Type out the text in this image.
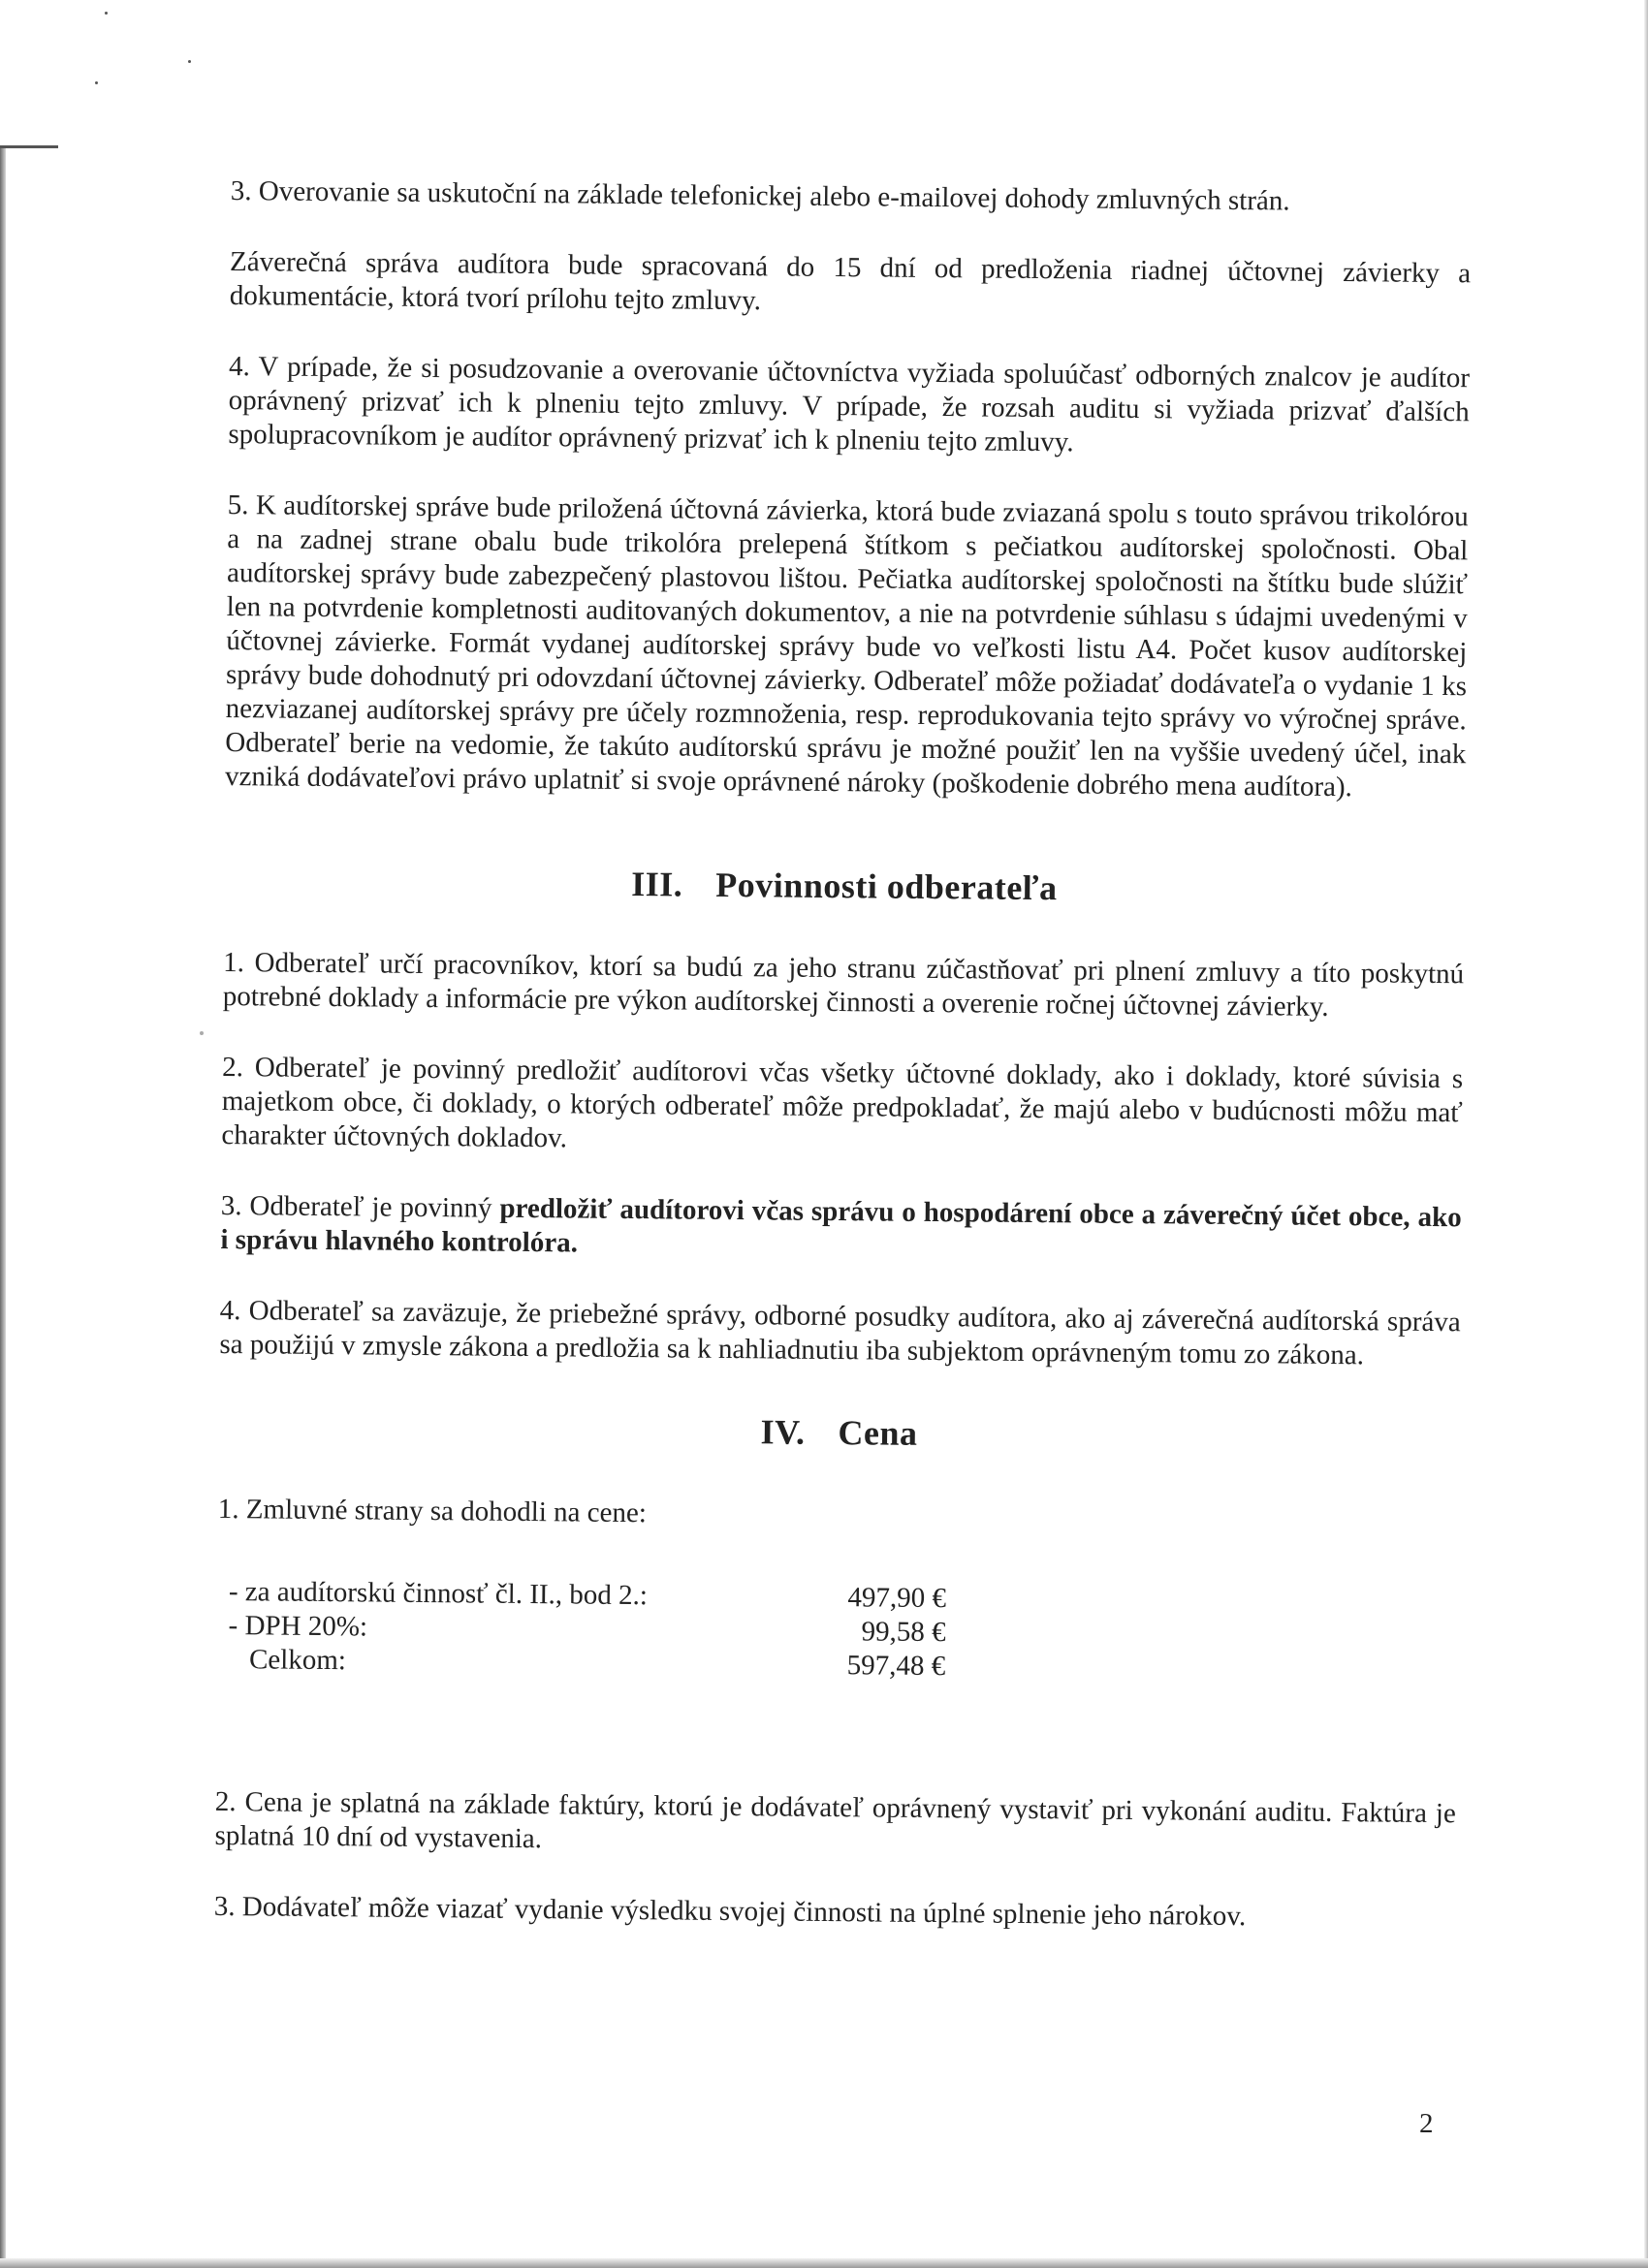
3. Overovanie sa uskutoční na základe telefonickej alebo e-mailovej dohody zmluvných strán.

Záverečná správa audítora bude spracovaná do 15 dní od predloženia riadnej účtovnej závierky a dokumentácie, ktorá tvorí prílohu tejto zmluvy.

4. V prípade, že si posudzovanie a overovanie účtovníctva vyžiada spoluúčasť odborných znalcov je audítor oprávnený prizvať ich k plneniu tejto zmluvy. V prípade, že rozsah auditu si vyžiada prizvať ďalších spolupracovníkom je audítor oprávnený prizvať ich k plneniu tejto zmluvy.

5. K audítorskej správe bude priložená účtovná závierka, ktorá bude zviazaná spolu s touto správou trikolórou a na zadnej strane obalu bude trikolóra prelepená štítkom s pečiatkou audítorskej spoločnosti. Obal audítorskej správy bude zabezpečený plastovou lištou. Pečiatka audítorskej spoločnosti na štítku bude slúžiť len na potvrdenie kompletnosti auditovaných dokumentov, a nie na potvrdenie súhlasu s údajmi uvedenými v účtovnej závierke. Formát vydanej audítorskej správy bude vo veľkosti listu A4. Počet kusov audítorskej správy bude dohodnutý pri odovzdaní účtovnej závierky. Odberateľ môže požiadať dodávateľa o vydanie 1 ks nezviazanej audítorskej správy pre účely rozmnoženia, resp. reprodukovania tejto správy vo výročnej správe. Odberateľ berie na vedomie, že takúto audítorskú správu je možné použiť len na vyššie uvedený účel, inak vzniká dodávateľovi právo uplatniť si svoje oprávnené nároky (poškodenie dobrého mena audítora).

III. Povinnosti odberateľa

1. Odberateľ určí pracovníkov, ktorí sa budú za jeho stranu zúčastňovať pri plnení zmluvy a títo poskytnú potrebné doklady a informácie pre výkon audítorskej činnosti a overenie ročnej účtovnej závierky.

2. Odberateľ je povinný predložiť audítorovi včas všetky účtovné doklady, ako i doklady, ktoré súvisia s majetkom obce, či doklady, o ktorých odberateľ môže predpokladať, že majú alebo v budúcnosti môžu mať charakter účtovných dokladov.

3. Odberateľ je povinný predložiť audítorovi včas správu o hospodárení obce a záverečný účet obce, ako i správu hlavného kontrolóra.

4. Odberateľ sa zaväzuje, že priebežné správy, odborné posudky audítora, ako aj záverečná audítorská správa sa použijú v zmysle zákona a predložia sa k nahliadnutiu iba subjektom oprávneným tomu zo zákona.

IV. Cena

1. Zmluvné strany sa dohodli na cene:

- za audítorskú činnosť čl. II., bod 2.:	497,90 €
- DPH 20%:	99,58 €
Celkom:	597,48 €

2. Cena je splatná na základe faktúry, ktorú je dodávateľ oprávnený vystaviť pri vykonání auditu. Faktúra je splatná 10 dní od vystavenia.

3. Dodávateľ môže viazať vydanie výsledku svojej činnosti na úplné splnenie jeho nárokov.

2
